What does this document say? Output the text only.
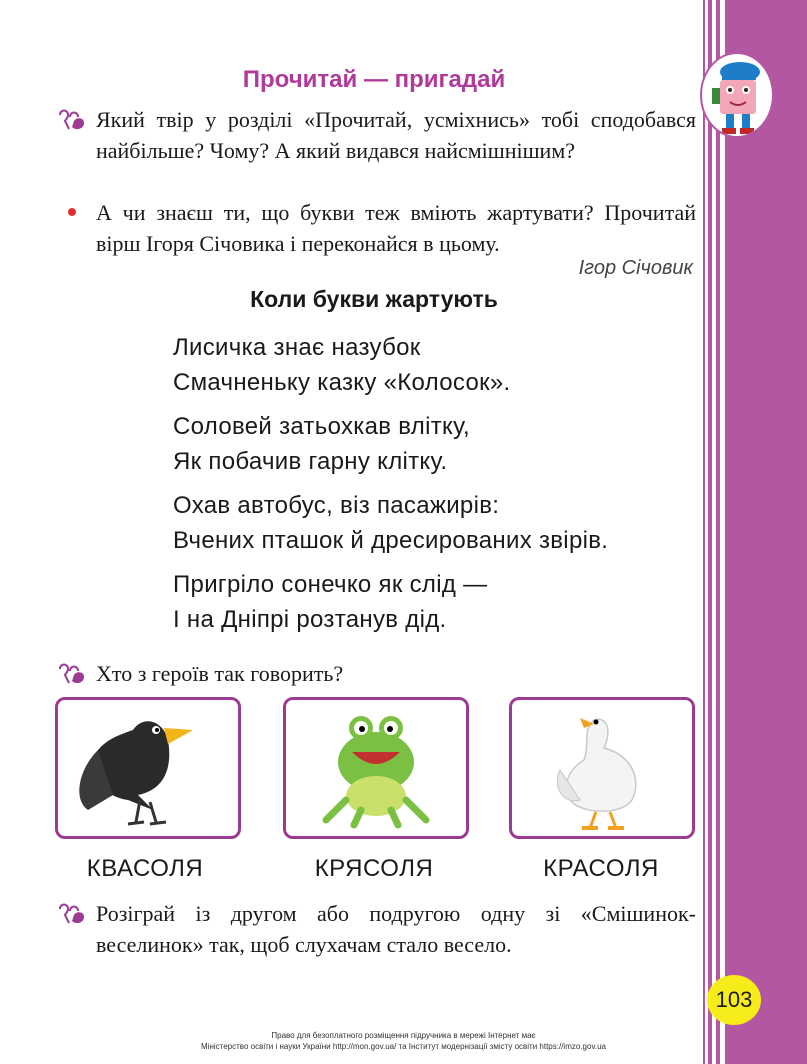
Прочитай — пригадай
Який твір у розділі «Прочитай, усміхнись» тобі сподобався найбільше? Чому? А який видався найсмішнішим?
А чи знаєш ти, що букви теж вміють жартувати? Прочитай вірш Ігоря Січовика і переконайся в цьому.
Ігор Січовик
Коли букви жартують
Лисичка знає назубок
Смачненьку казку «Колосок».
Соловей затьохкав влітку,
Як побачив гарну клітку.
Охав автобус, віз пасажирів:
Вчених пташок й дресированих звірів.
Пригріло сонечко як слід —
І на Дніпрі розтанув дід.
Хто з героїв так говорить?
КВАСОЛЯ	КРЯСОЛЯ	КРАСОЛЯ
Розіграй із другом або подругою одну зі «Смішинок-веселинок» так, щоб слухачам стало весело.
103
Право для безоплатного розміщення підручника в мережі Інтернет має
Міністерство освіти і науки України http://mon.gov.ua/ та Інститут модернізації змісту освіти https://imzo.gov.ua
